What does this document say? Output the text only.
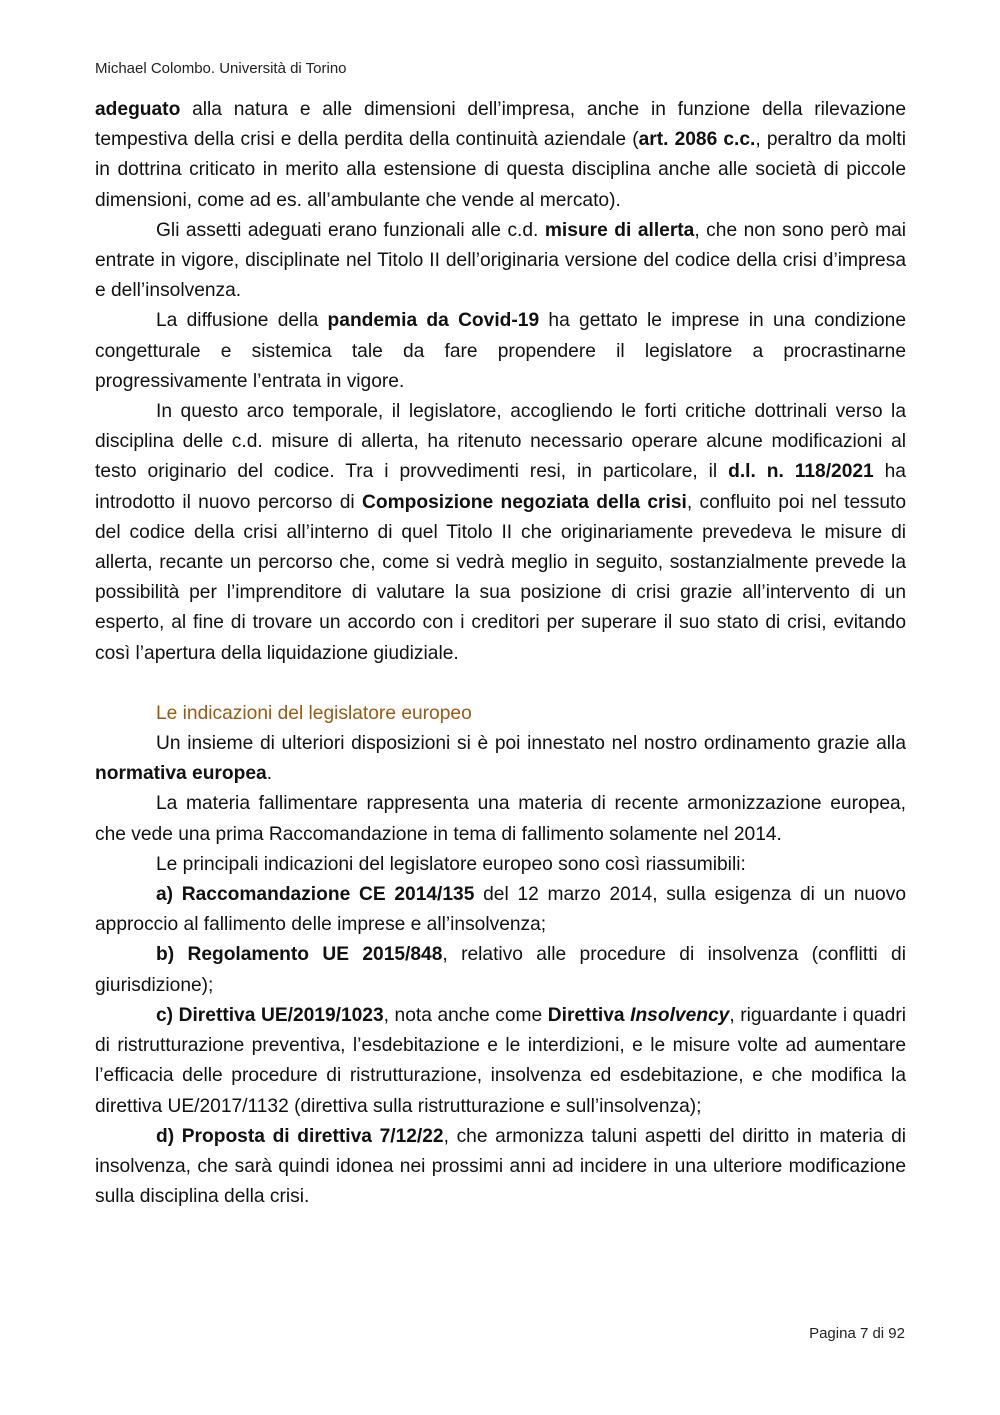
Michael Colombo. Università di Torino

adeguato alla natura e alle dimensioni dell’impresa, anche in funzione della rilevazione tempestiva della crisi e della perdita della continuità aziendale (art. 2086 c.c., peraltro da molti in dottrina criticato in merito alla estensione di questa disciplina anche alle società di piccole dimensioni, come ad es. all’ambulante che vende al mercato).

Gli assetti adeguati erano funzionali alle c.d. misure di allerta, che non sono però mai entrate in vigore, disciplinate nel Titolo II dell’originaria versione del codice della crisi d’impresa e dell’insolvenza.

La diffusione della pandemia da Covid-19 ha gettato le imprese in una condizione congetturale e sistemica tale da fare propendere il legislatore a procrastinarne progressivamente l’entrata in vigore.

In questo arco temporale, il legislatore, accogliendo le forti critiche dottrinali verso la disciplina delle c.d. misure di allerta, ha ritenuto necessario operare alcune modificazioni al testo originario del codice. Tra i provvedimenti resi, in particolare, il d.l. n. 118/2021 ha introdotto il nuovo percorso di Composizione negoziata della crisi, confluito poi nel tessuto del codice della crisi all’interno di quel Titolo II che originariamente prevedeva le misure di allerta, recante un percorso che, come si vedrà meglio in seguito, sostanzialmente prevede la possibilità per l’imprenditore di valutare la sua posizione di crisi grazie all’intervento di un esperto, al fine di trovare un accordo con i creditori per superare il suo stato di crisi, evitando così l’apertura della liquidazione giudiziale.

Le indicazioni del legislatore europeo

Un insieme di ulteriori disposizioni si è poi innestato nel nostro ordinamento grazie alla normativa europea.

La materia fallimentare rappresenta una materia di recente armonizzazione europea, che vede una prima Raccomandazione in tema di fallimento solamente nel 2014.

Le principali indicazioni del legislatore europeo sono così riassumibili:

a) Raccomandazione CE 2014/135 del 12 marzo 2014, sulla esigenza di un nuovo approccio al fallimento delle imprese e all’insolvenza;

b) Regolamento UE 2015/848, relativo alle procedure di insolvenza (conflitti di giurisdizione);

c) Direttiva UE/2019/1023, nota anche come Direttiva Insolvency, riguardante i quadri di ristrutturazione preventiva, l’esdebitazione e le interdizioni, e le misure volte ad aumentare l’efficacia delle procedure di ristrutturazione, insolvenza ed esdebitazione, e che modifica la direttiva UE/2017/1132 (direttiva sulla ristrutturazione e sull’insolvenza);

d) Proposta di direttiva 7/12/22, che armonizza taluni aspetti del diritto in materia di insolvenza, che sarà quindi idonea nei prossimi anni ad incidere in una ulteriore modificazione sulla disciplina della crisi.

Pagina 7 di 92
